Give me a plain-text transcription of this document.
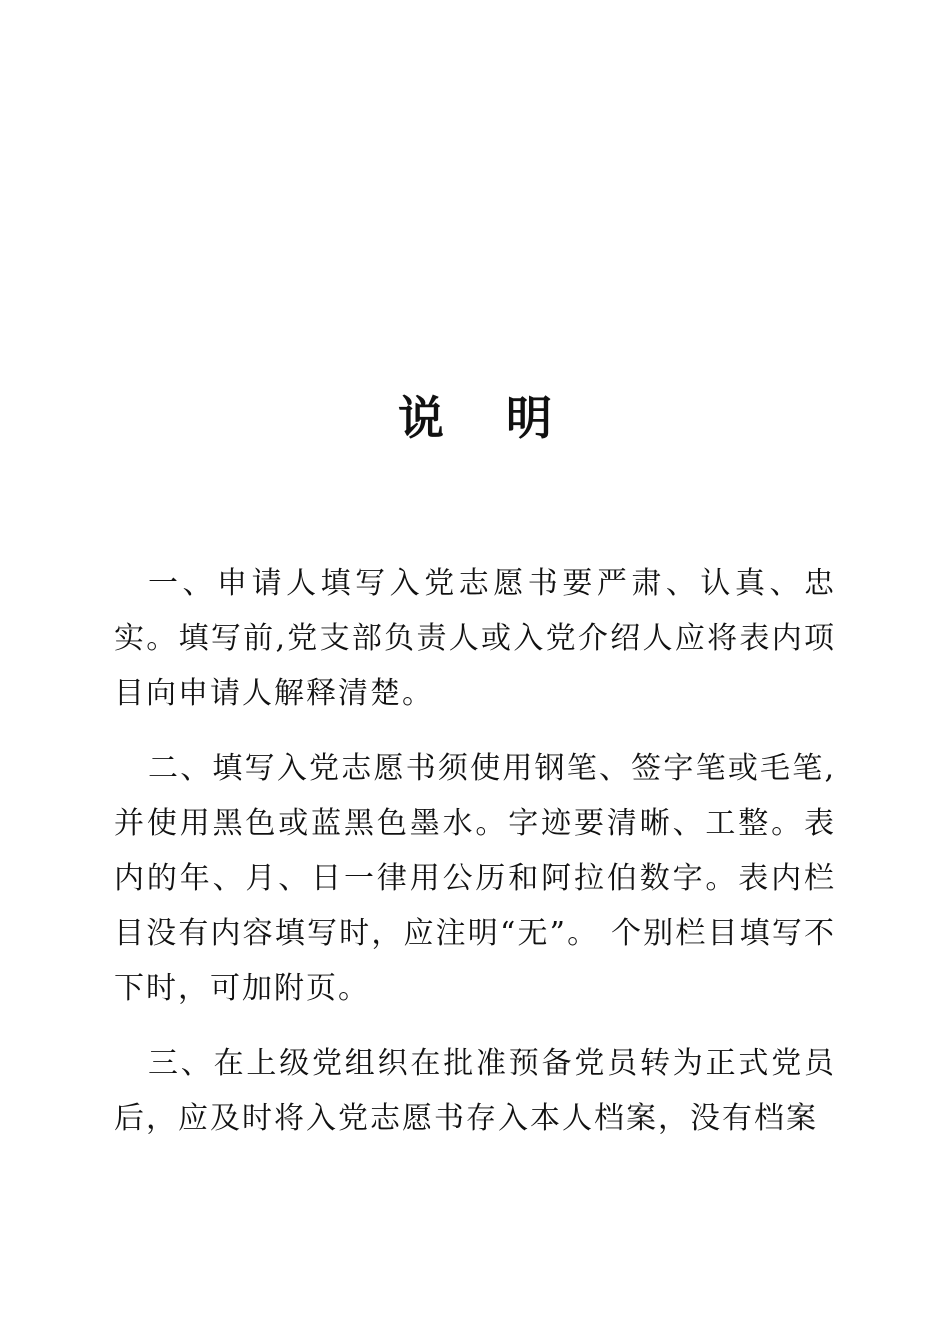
说明

一、申请人填写入党志愿书要严肃、认真、忠实。填写前,党支部负责人或入党介绍人应将表内项目向申请人解释清楚。

二、填写入党志愿书须使用钢笔、签字笔或毛笔,并使用黑色或蓝黑色墨水。字迹要清晰、工整。表内的年、月、日一律用公历和阿拉伯数字。表内栏目没有内容填写时，应注明“无”。 个别栏目填写不下时，可加附页。

三、在上级党组织在批准预备党员转为正式党员后，应及时将入党志愿书存入本人档案，没有档案
